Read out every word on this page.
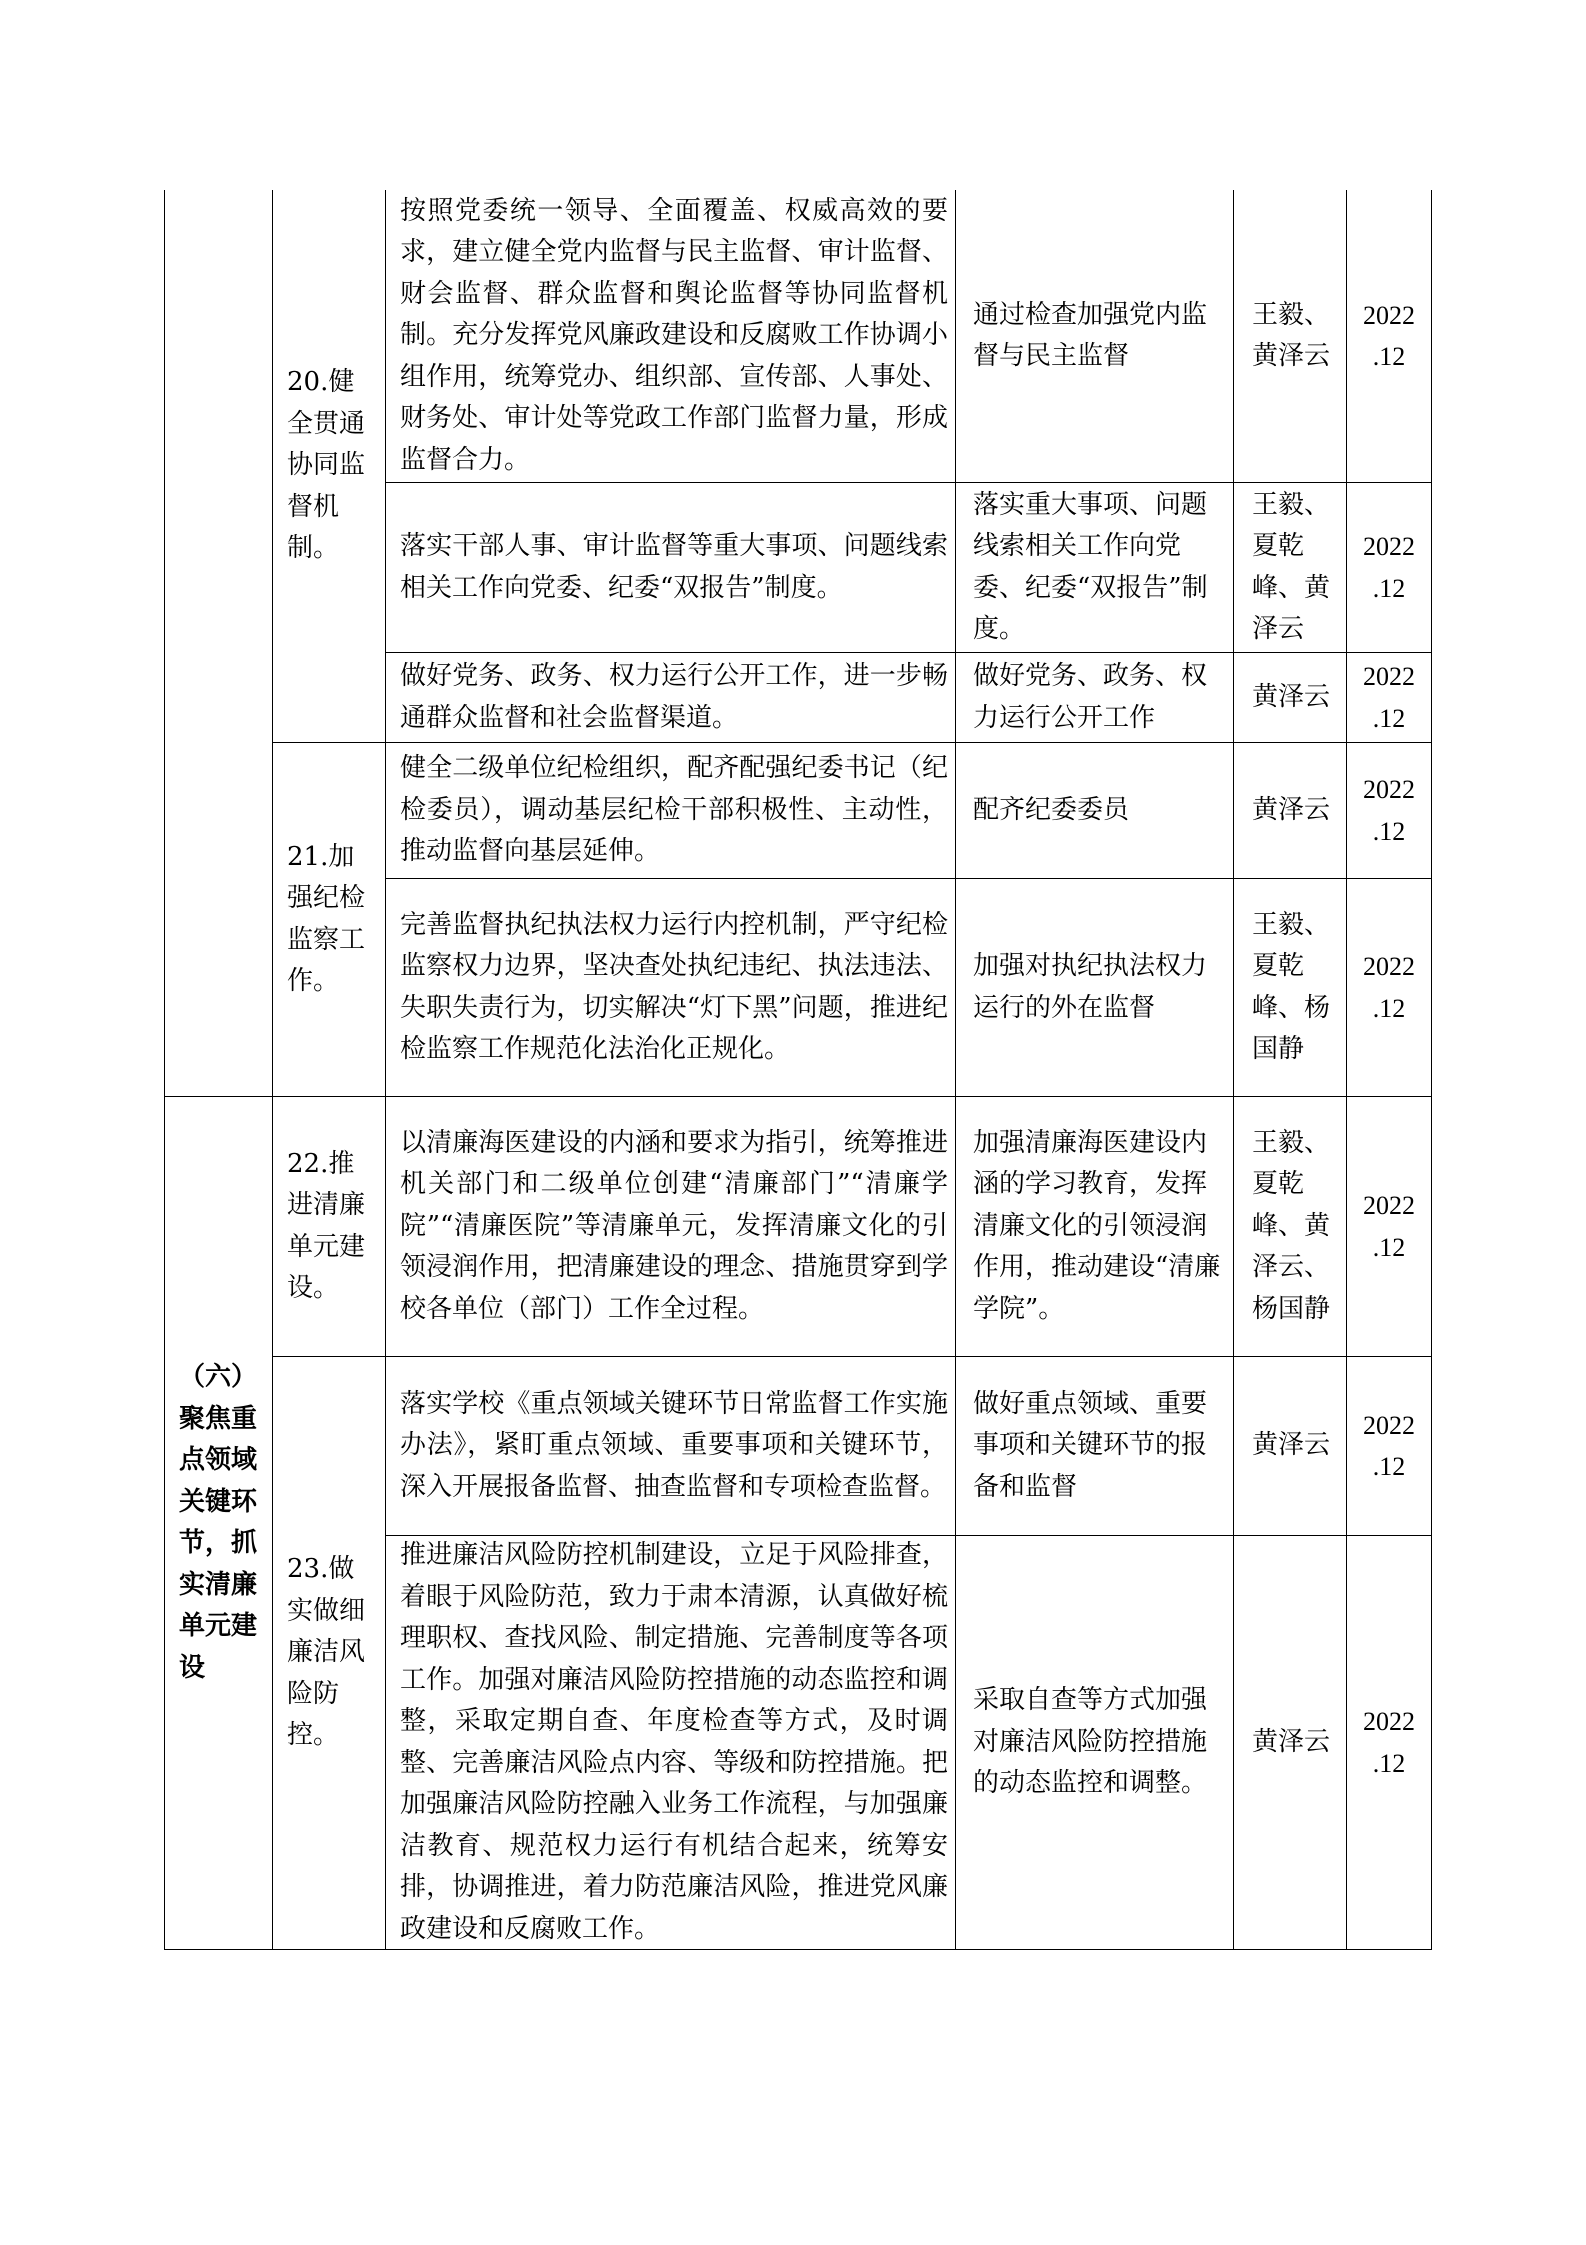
（六）聚焦重点领域关键环节，抓实清廉单元建设
20.健全贯通协同监督机制。
21.加强纪检监察工作。
22.推进清廉单元建设。
23.做实做细廉洁风险防控。
按照党委统一领导、全面覆盖、权威高效的要求，建立健全党内监督与民主监督、审计监督、财会监督、群众监督和舆论监督等协同监督机制。充分发挥党风廉政建设和反腐败工作协调小组作用，统筹党办、组织部、宣传部、人事处、财务处、审计处等党政工作部门监督力量，形成监督合力。
通过检查加强党内监督与民主监督
王毅、黄泽云
2022.12
落实干部人事、审计监督等重大事项、问题线索相关工作向党委、纪委“双报告”制度。
落实重大事项、问题线索相关工作向党委、纪委“双报告”制度。
王毅、夏乾峰、黄泽云
2022.12
做好党务、政务、权力运行公开工作，进一步畅通群众监督和社会监督渠道。
做好党务、政务、权力运行公开工作
黄泽云
2022.12
健全二级单位纪检组织，配齐配强纪委书记（纪检委员），调动基层纪检干部积极性、主动性，推动监督向基层延伸。
配齐纪委委员	黄泽云
2022.12
完善监督执纪执法权力运行内控机制，严守纪检监察权力边界，坚决查处执纪违纪、执法违法、失职失责行为，切实解决“灯下黑”问题，推进纪检监察工作规范化法治化正规化。
加强对执纪执法权力运行的外在监督
王毅、夏乾峰、杨国静
2022.12
以清廉海医建设的内涵和要求为指引，统筹推进机关部门和二级单位创建“清廉部门”“清廉学院”“清廉医院”等清廉单元，发挥清廉文化的引领浸润作用，把清廉建设的理念、措施贯穿到学校各单位（部门）工作全过程。
加强清廉海医建设内涵的学习教育，发挥清廉文化的引领浸润作用，推动建设“清廉学院”。
王毅、夏乾峰、黄泽云、杨国静
2022.12
落实学校《重点领域关键环节日常监督工作实施办法》，紧盯重点领域、重要事项和关键环节，深入开展报备监督、抽查监督和专项检查监督。
做好重点领域、重要事项和关键环节的报备和监督
黄泽云
2022.12
推进廉洁风险防控机制建设，立足于风险排查，着眼于风险防范，致力于肃本清源，认真做好梳理职权、查找风险、制定措施、完善制度等各项工作。加强对廉洁风险防控措施的动态监控和调整，采取定期自查、年度检查等方式，及时调整、完善廉洁风险点内容、等级和防控措施。把加强廉洁风险防控融入业务工作流程，与加强廉洁教育、规范权力运行有机结合起来，统筹安排，协调推进，着力防范廉洁风险，推进党风廉政建设和反腐败工作。
采取自查等方式加强对廉洁风险防控措施的动态监控和调整。
黄泽云
2022.12
